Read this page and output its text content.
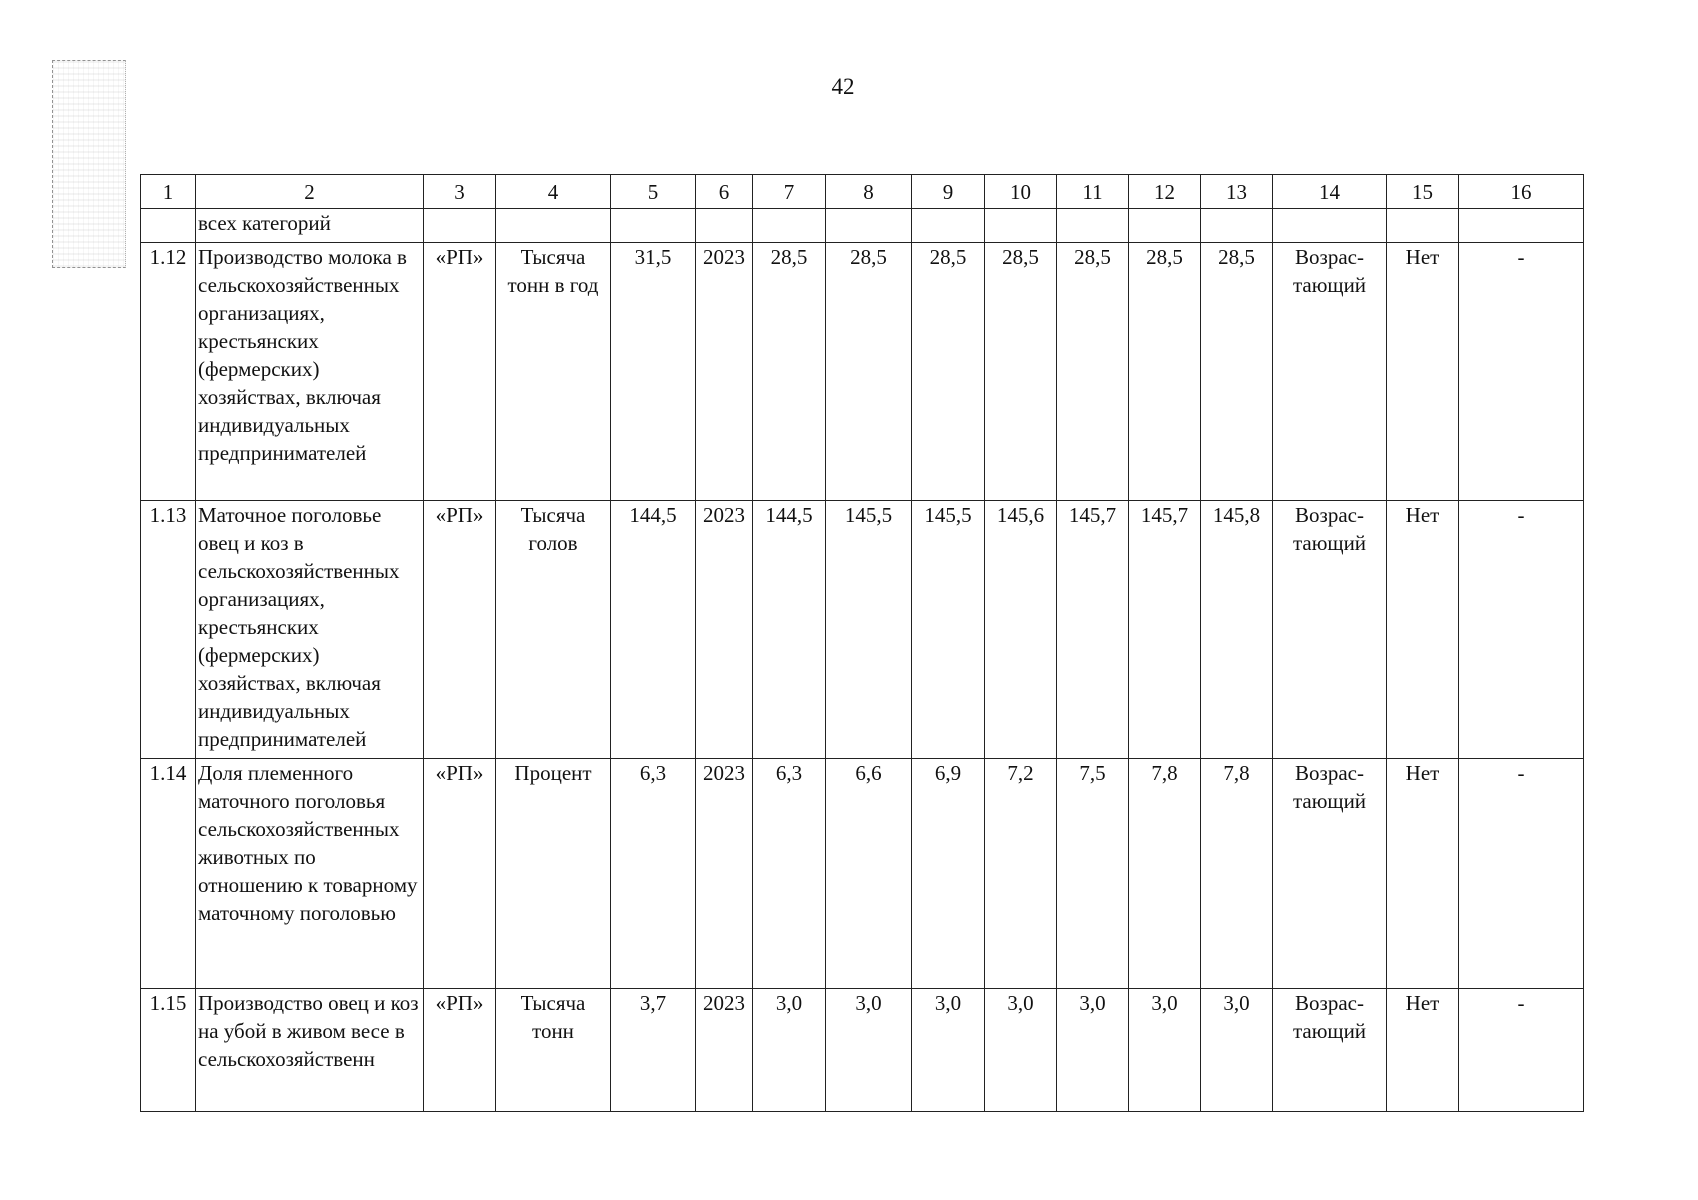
42
1	2	3	4	5	6	7	8	9	10	11	12	13	14	15	16
	всех категорий														
1.12	Производство молока в сельскохозяйственных организациях, крестьянских (фермерских) хозяйствах, включая индивидуальных предпринимателей	«РП»	Тысяча тонн в год	31,5	2023	28,5	28,5	28,5	28,5	28,5	28,5	28,5	Возрас-тающий	Нет	-
1.13	Маточное поголовье овец и коз в сельскохозяйственных организациях, крестьянских (фермерских) хозяйствах, включая индивидуальных предпринимателей	«РП»	Тысяча голов	144,5	2023	144,5	145,5	145,5	145,6	145,7	145,7	145,8	Возрас-тающий	Нет	-
1.14	Доля племенного маточного поголовья сельскохозяйственных животных по отношению к товарному маточному поголовью	«РП»	Процент	6,3	2023	6,3	6,6	6,9	7,2	7,5	7,8	7,8	Возрас-тающий	Нет	-
1.15	Производство овец и коз на убой в живом весе в сельскохозяйственн	«РП»	Тысяча тонн	3,7	2023	3,0	3,0	3,0	3,0	3,0	3,0	3,0	Возрас-тающий	Нет	-
